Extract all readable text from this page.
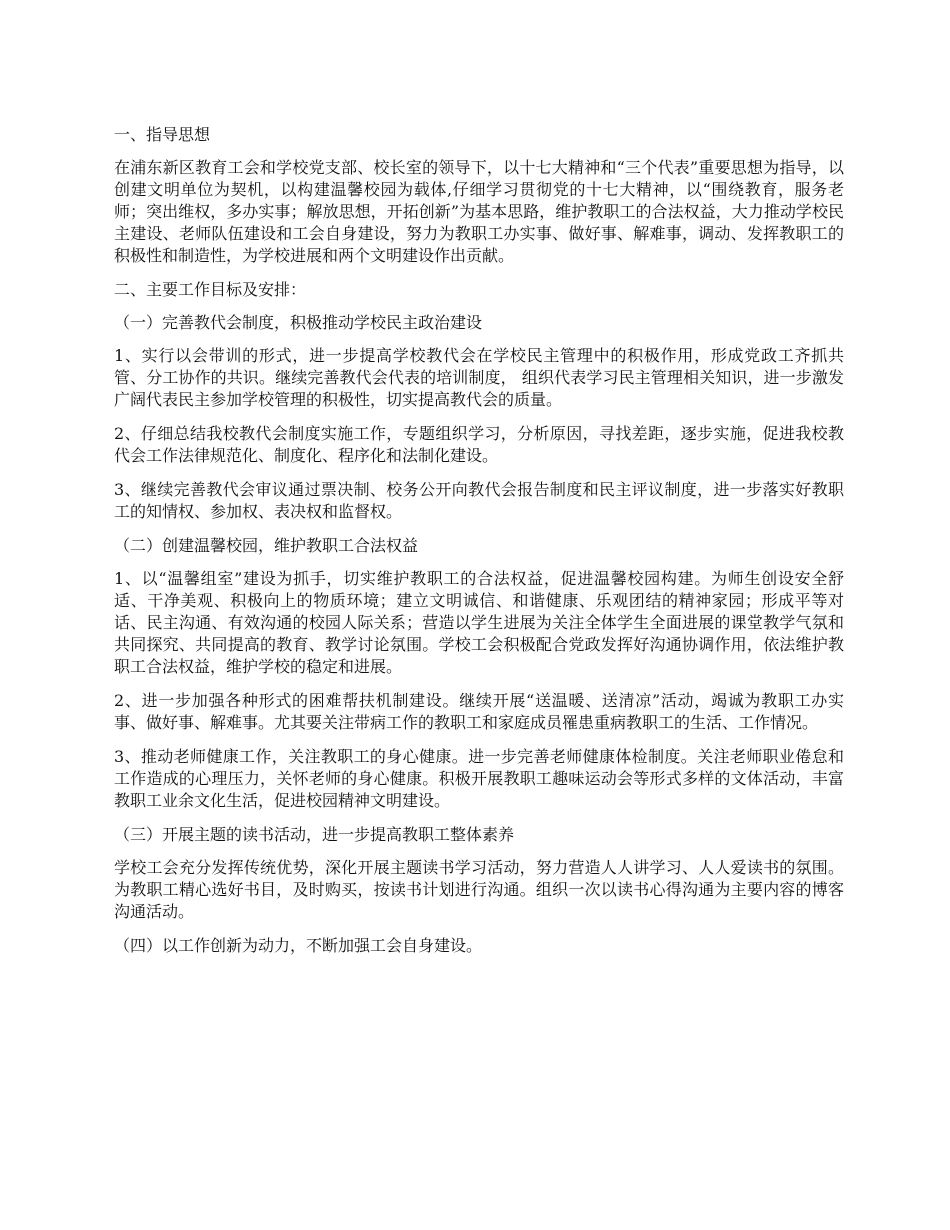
一、指导思想

在浦东新区教育工会和学校党支部、校长室的领导下，以十七大精神和“三个代表”重要思想为指导，以创建文明单位为契机，以构建温馨校园为载体,仔细学习贯彻党的十七大精神，以“围绕教育，服务老师；突出维权，多办实事；解放思想，开拓创新”为基本思路，维护教职工的合法权益，大力推动学校民主建设、老师队伍建设和工会自身建设，努力为教职工办实事、做好事、解难事，调动、发挥教职工的积极性和制造性，为学校进展和两个文明建设作出贡献。

二、主要工作目标及安排：

（一）完善教代会制度，积极推动学校民主政治建设

1、实行以会带训的形式，进一步提高学校教代会在学校民主管理中的积极作用，形成党政工齐抓共管、分工协作的共识。继续完善教代会代表的培训制度， 组织代表学习民主管理相关知识，进一步激发广阔代表民主参加学校管理的积极性，切实提高教代会的质量。

2、仔细总结我校教代会制度实施工作，专题组织学习，分析原因，寻找差距，逐步实施，促进我校教代会工作法律规范化、制度化、程序化和法制化建设。

3、继续完善教代会审议通过票决制、校务公开向教代会报告制度和民主评议制度，进一步落实好教职工的知情权、参加权、表决权和监督权。

（二）创建温馨校园，维护教职工合法权益

1、以“温馨组室”建设为抓手，切实维护教职工的合法权益，促进温馨校园构建。为师生创设安全舒适、干净美观、积极向上的物质环境；建立文明诚信、和谐健康、乐观团结的精神家园；形成平等对话、民主沟通、有效沟通的校园人际关系；营造以学生进展为关注全体学生全面进展的课堂教学气氛和共同探究、共同提高的教育、教学讨论氛围。学校工会积极配合党政发挥好沟通协调作用，依法维护教职工合法权益，维护学校的稳定和进展。

2、进一步加强各种形式的困难帮扶机制建设。继续开展“送温暖、送清凉”活动，竭诚为教职工办实事、做好事、解难事。尤其要关注带病工作的教职工和家庭成员罹患重病教职工的生活、工作情况。

3、推动老师健康工作，关注教职工的身心健康。进一步完善老师健康体检制度。关注老师职业倦怠和工作造成的心理压力，关怀老师的身心健康。积极开展教职工趣味运动会等形式多样的文体活动，丰富教职工业余文化生活，促进校园精神文明建设。

（三）开展主题的读书活动，进一步提高教职工整体素养

学校工会充分发挥传统优势，深化开展主题读书学习活动，努力营造人人讲学习、人人爱读书的氛围。为教职工精心选好书目，及时购买，按读书计划进行沟通。组织一次以读书心得沟通为主要内容的博客沟通活动。

（四）以工作创新为动力，不断加强工会自身建设。
